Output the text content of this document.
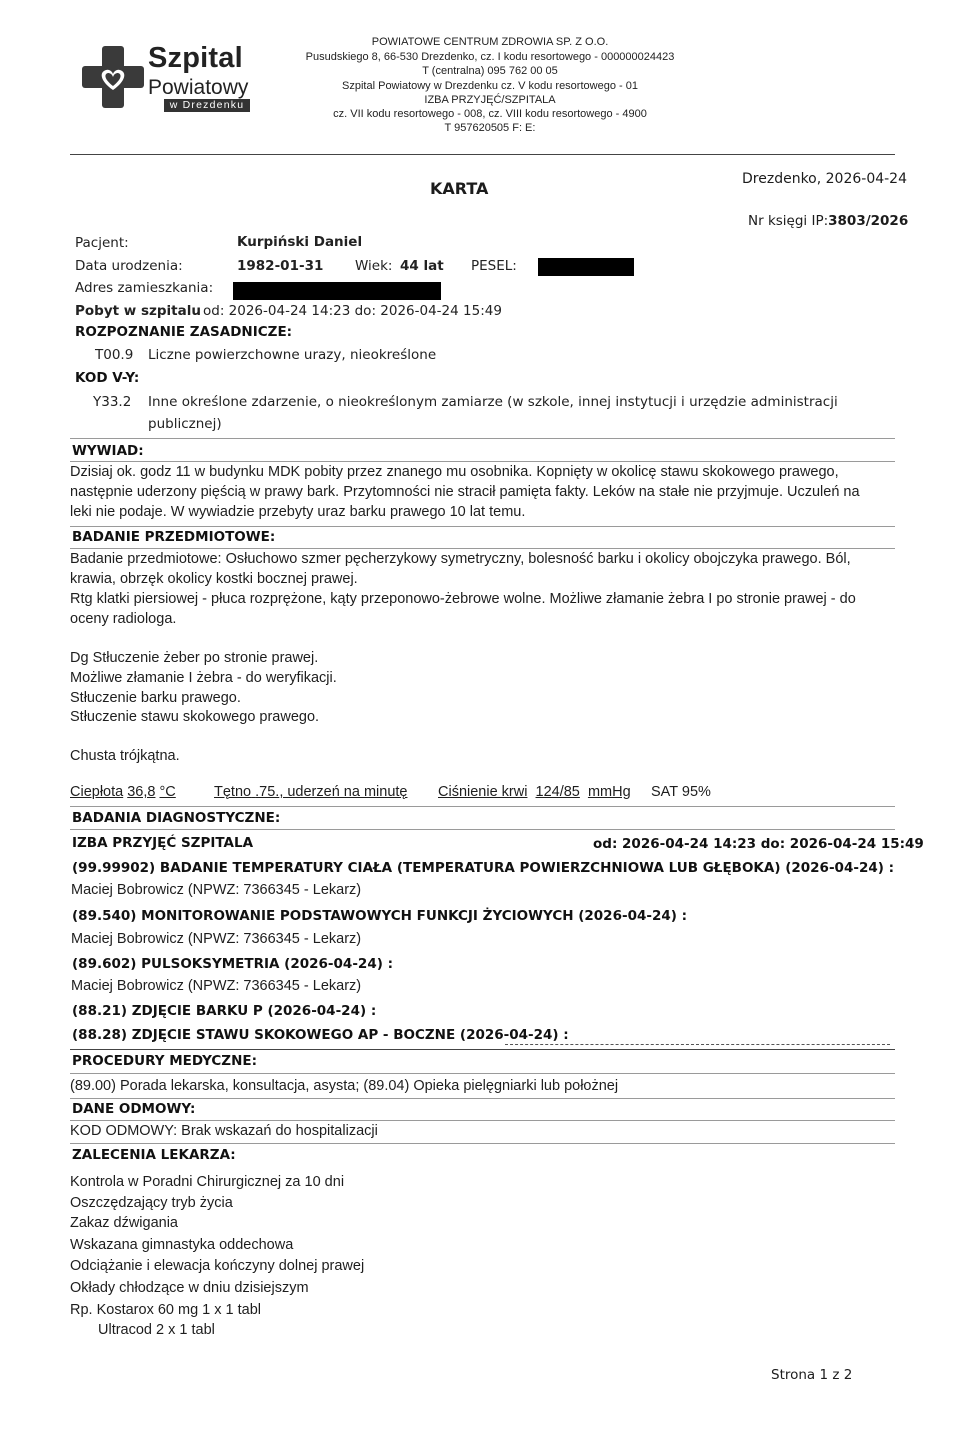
Szpital
Powiatowy
w Drezdenku
POWIATOWE CENTRUM ZDROWIA SP. Z O.O.
Pusudskiego 8, 66-530 Drezdenko, cz. I kodu resortowego - 000000024423
T (centralna) 095 762 00 05
Szpital Powiatowy w Drezdenku cz. V kodu resortowego - 01
IZBA PRZYJĘĆ/SZPITALA
cz. VII kodu resortowego - 008, cz. VIII kodu resortowego - 4900
T 957620505 F: E:
KARTA	Drezdenko, 2026-04-24
Nr księgi IP:3803/2026
Pacjent:	Kurpiński Daniel
Data urodzenia:	1982-01-31 Wiek: 44 lat PESEL:
Adres zamieszkania:
Pobyt w szpitalu od: 2026-04-24 14:23 do: 2026-04-24 15:49
ROZPOZNANIE ZASADNICZE:
T00.9 Liczne powierzchowne urazy, nieokreślone
KOD V-Y:
Y33.2 Inne określone zdarzenie, o nieokreślonym zamiarze (w szkole, innej instytucji i urzędzie administracji
publicznej)
WYWIAD:
Dzisiaj ok. godz 11 w budynku MDK pobity przez znanego mu osobnika. Kopnięty w okolicę stawu skokowego prawego,
następnie uderzony pięścią w prawy bark. Przytomności nie stracił pamięta fakty. Leków na stałe nie przyjmuje. Uczuleń na
leki nie podaje. W wywiadzie przebyty uraz barku prawego 10 lat temu.
BADANIE PRZEDMIOTOWE:
Badanie przedmiotowe: Osłuchowo szmer pęcherzykowy symetryczny, bolesność barku i okolicy obojczyka prawego. Ból,
krawia, obrzęk okolicy kostki bocznej prawej.
Rtg klatki piersiowej - płuca rozprężone, kąty przeponowo-żebrowe wolne. Możliwe złamanie żebra I po stronie prawej - do
oceny radiologa.
Dg Stłuczenie żeber po stronie prawej.
Możliwe złamanie I żebra - do weryfikacji.
Stłuczenie barku prawego.
Stłuczenie stawu skokowego prawego.
Chusta trójkątna.
Ciepłota 36,8 °C	Tętno .75., uderzeń na minutę Ciśnienie krwi 124/85 mmHg SAT 95%
BADANIA DIAGNOSTYCZNE:
IZBA PRZYJĘĆ SZPITALA	od: 2026-04-24 14:23 do: 2026-04-24 15:49
(99.99902) BADANIE TEMPERATURY CIAŁA (TEMPERATURA POWIERZCHNIOWA LUB GŁĘBOKA) (2026-04-24) :
Maciej Bobrowicz (NPWZ: 7366345 - Lekarz)
(89.540) MONITOROWANIE PODSTAWOWYCH FUNKCJI ŻYCIOWYCH (2026-04-24) :
Maciej Bobrowicz (NPWZ: 7366345 - Lekarz)
(89.602) PULSOKSYMETRIA (2026-04-24) :
Maciej Bobrowicz (NPWZ: 7366345 - Lekarz)
(88.21) ZDJĘCIE BARKU P (2026-04-24) :
(88.28) ZDJĘCIE STAWU SKOKOWEGO AP - BOCZNE (2026-04-24) :
PROCEDURY MEDYCZNE:
(89.00) Porada lekarska, konsultacja, asysta; (89.04) Opieka pielęgniarki lub położnej
DANE ODMOWY:
KOD ODMOWY: Brak wskazań do hospitalizacji
ZALECENIA LEKARZA:
Kontrola w Poradni Chirurgicznej za 10 dni
Oszczędzający tryb życia
Zakaz dźwigania
Wskazana gimnastyka oddechowa
Odciążanie i elewacja kończyny dolnej prawej
Okłady chłodzące w dniu dzisiejszym
Rp. Kostarox 60 mg 1 x 1 tabl
Ultracod 2 x 1 tabl
Strona 1 z 2
